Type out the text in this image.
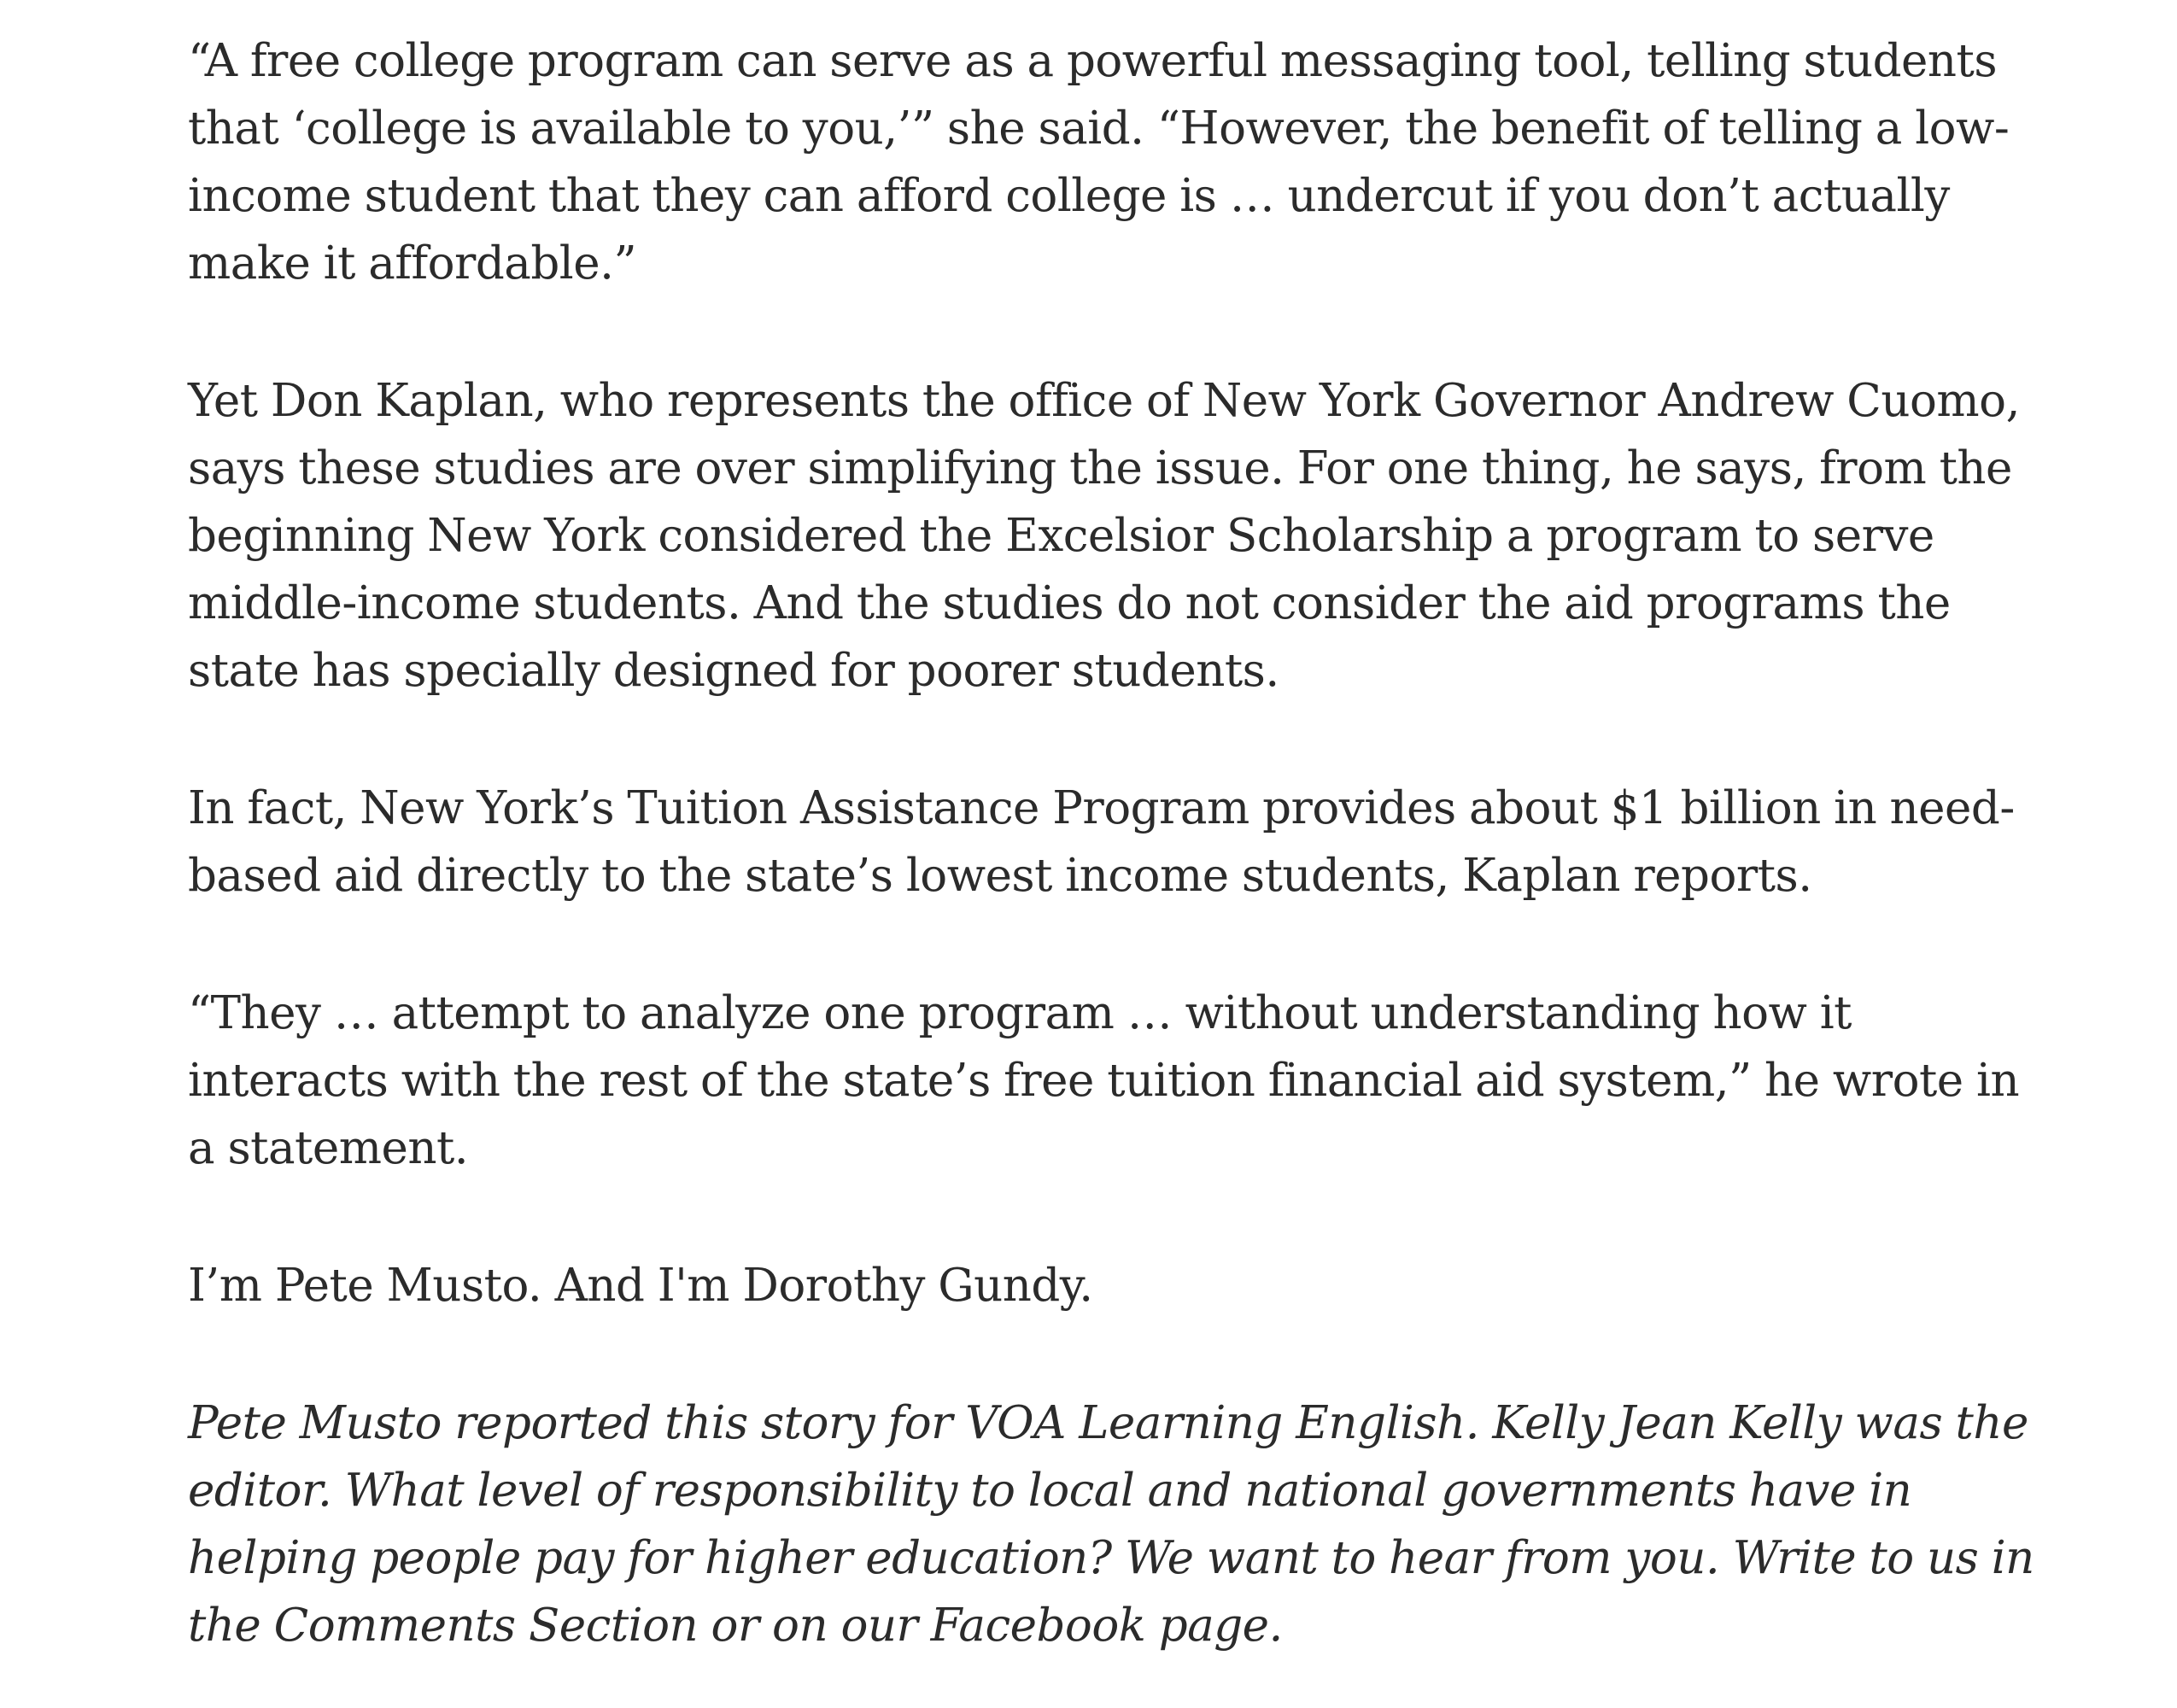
“A free college program can serve as a powerful messaging tool, telling students that ‘college is available to you,’” she said. “However, the benefit of telling a low-income student that they can afford college is … undercut if you don’t actually make it affordable.”

Yet Don Kaplan, who represents the office of New York Governor Andrew Cuomo, says these studies are over simplifying the issue. For one thing, he says, from the beginning New York considered the Excelsior Scholarship a program to serve middle-income students. And the studies do not consider the aid programs the state has specially designed for poorer students.

In fact, New York’s Tuition Assistance Program provides about $1 billion in need-based aid directly to the state’s lowest income students, Kaplan reports.

“They … attempt to analyze one program … without understanding how it interacts with the rest of the state’s free tuition financial aid system,” he wrote in a statement.

I’m Pete Musto. And I'm Dorothy Gundy.

Pete Musto reported this story for VOA Learning English. Kelly Jean Kelly was the editor. What level of responsibility to local and national governments have in helping people pay for higher education? We want to hear from you. Write to us in the Comments Section or on our Facebook page.
